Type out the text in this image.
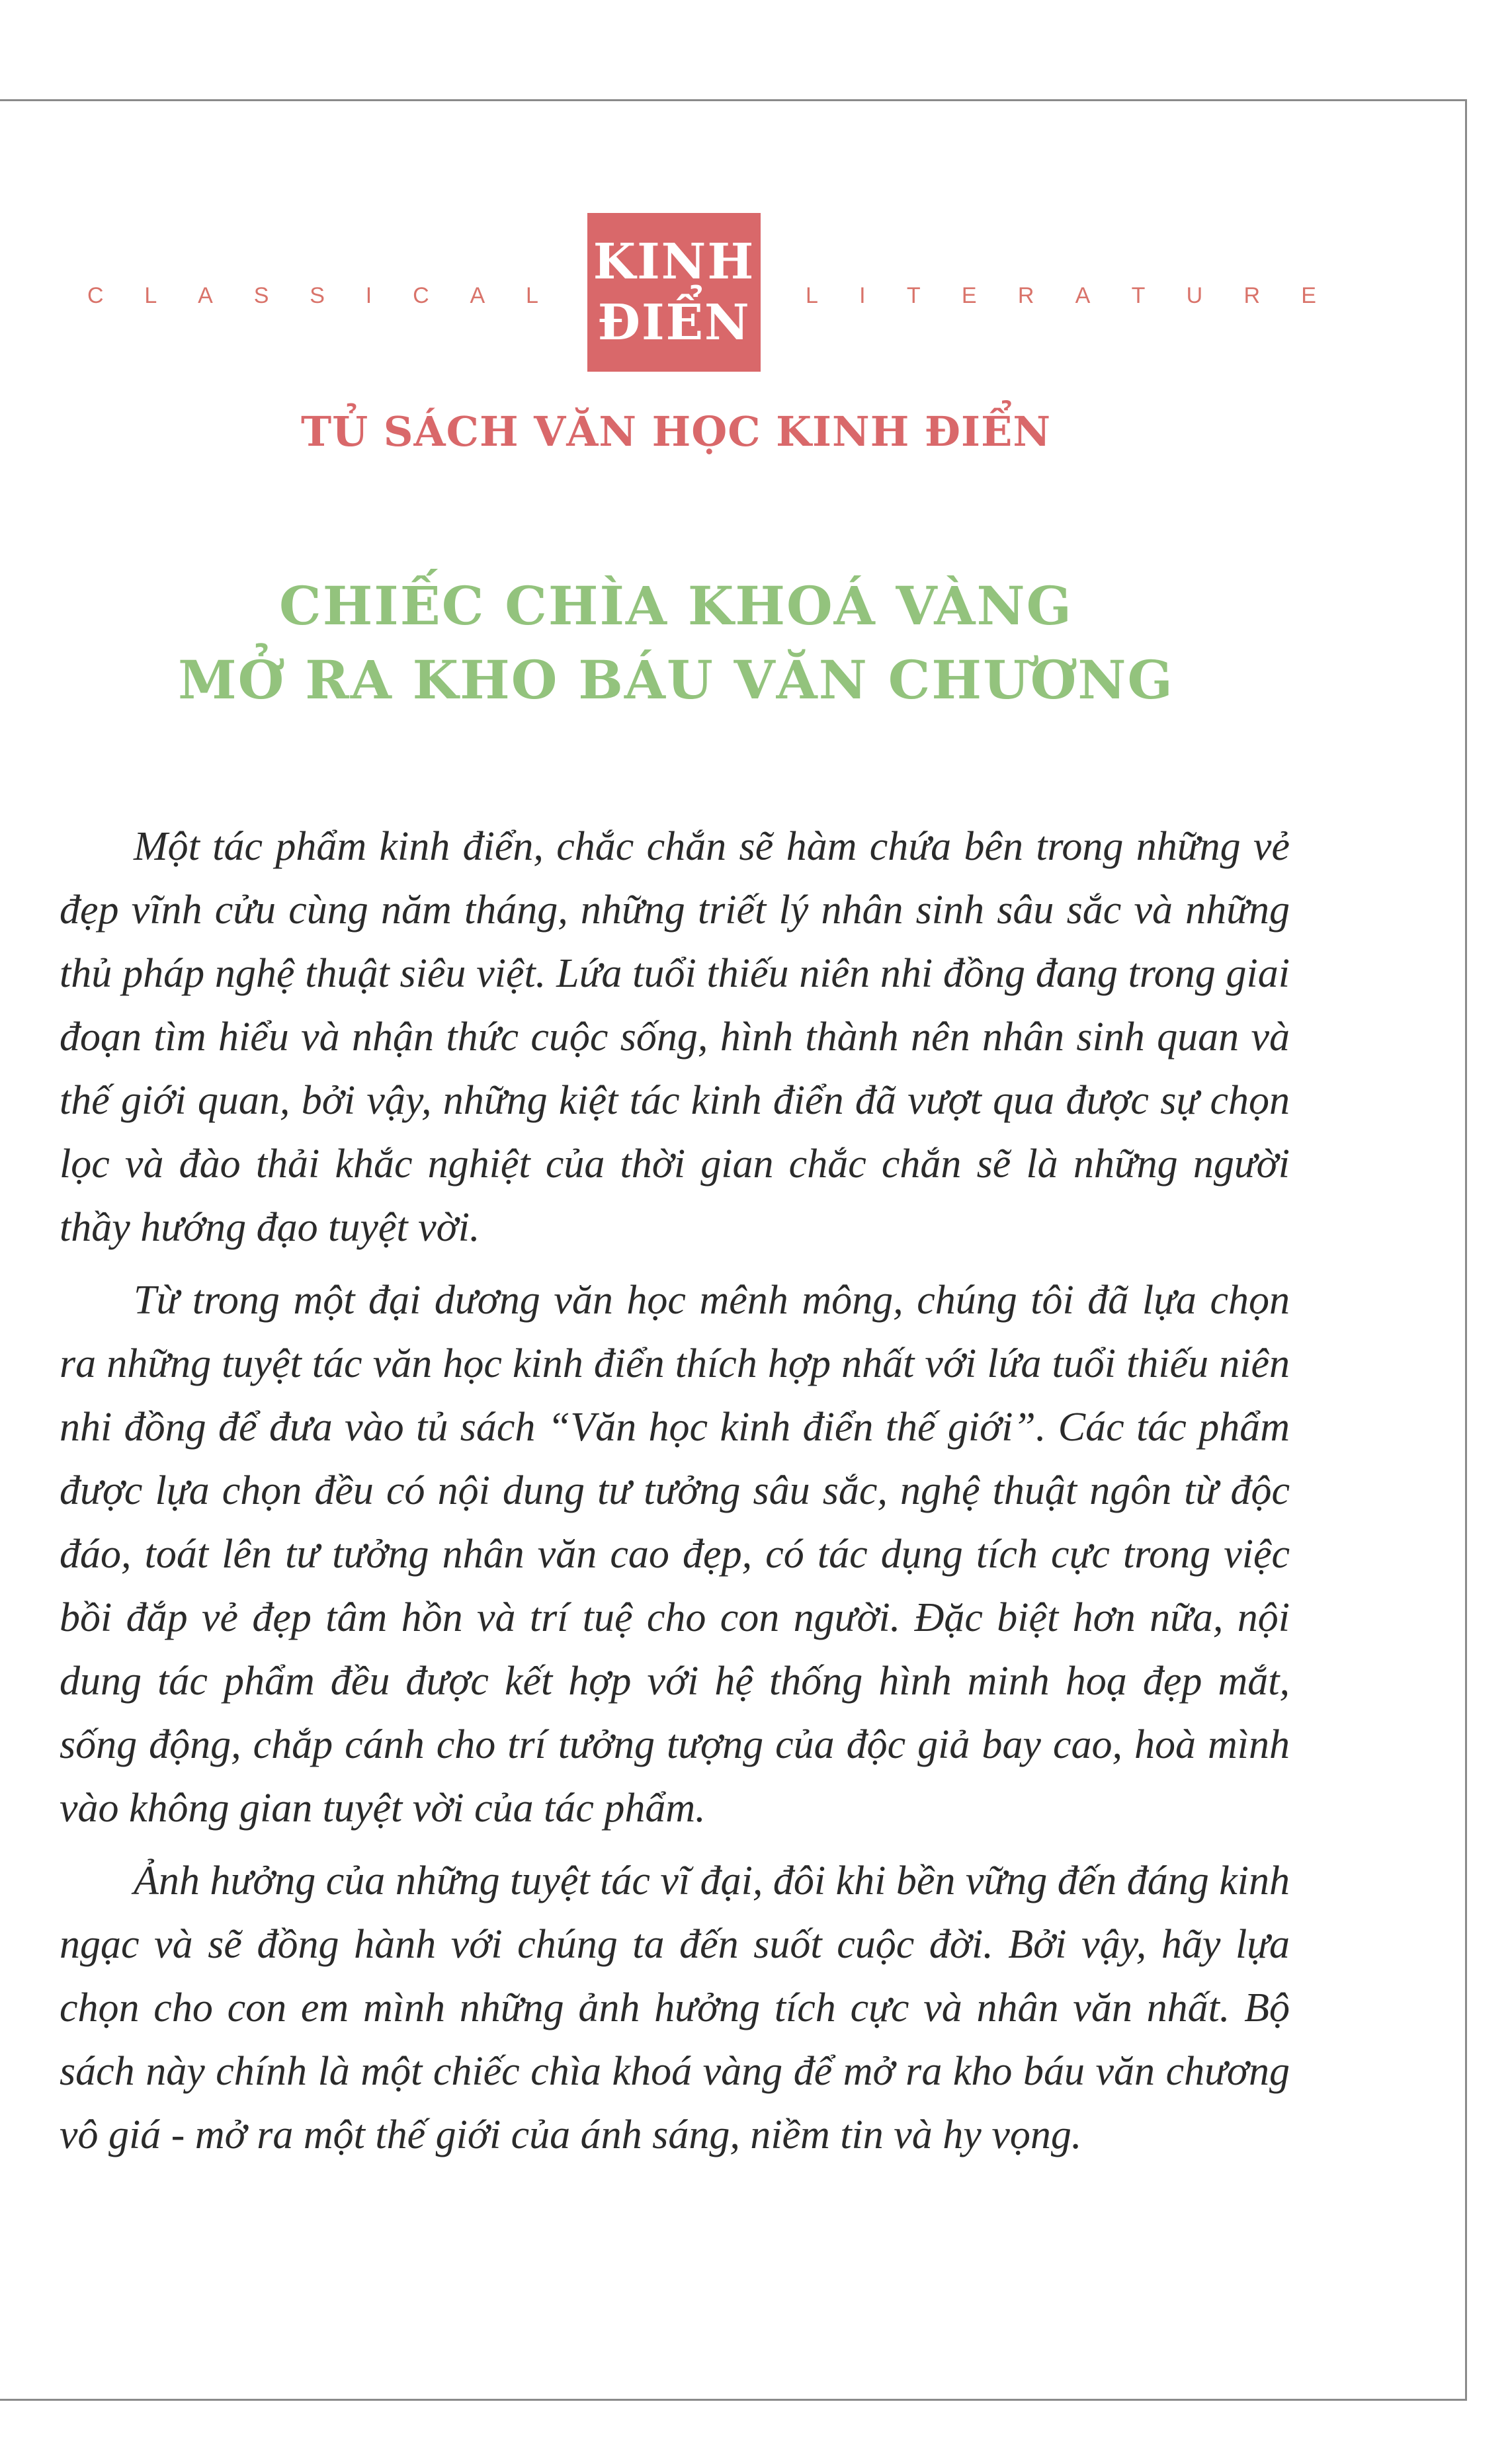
C L A S S I C A L
KINH
ĐIỂN L I T E R A T U R E
TỦ SÁCH VĂN HỌC KINH ĐIỂN
CHIẾC CHÌA KHOÁ VÀNG
MỞ RA KHO BÁU VĂN CHƯƠNG

Một tác phẩm kinh điển, chắc chắn sẽ hàm chứa bên trong những vẻ đẹp vĩnh cửu cùng năm tháng, những triết lý nhân sinh sâu sắc và những thủ pháp nghệ thuật siêu việt. Lứa tuổi thiếu niên nhi đồng đang trong giai đoạn tìm hiểu và nhận thức cuộc sống, hình thành nên nhân sinh quan và thế giới quan, bởi vậy, những kiệt tác kinh điển đã vượt qua được sự chọn lọc và đào thải khắc nghiệt của thời gian chắc chắn sẽ là những người thầy hướng đạo tuyệt vời.

Từ trong một đại dương văn học mênh mông, chúng tôi đã lựa chọn ra những tuyệt tác văn học kinh điển thích hợp nhất với lứa tuổi thiếu niên nhi đồng để đưa vào tủ sách “Văn học kinh điển thế giới”. Các tác phẩm được lựa chọn đều có nội dung tư tưởng sâu sắc, nghệ thuật ngôn từ độc đáo, toát lên tư tưởng nhân văn cao đẹp, có tác dụng tích cực trong việc bồi đắp vẻ đẹp tâm hồn và trí tuệ cho con người. Đặc biệt hơn nữa, nội dung tác phẩm đều được kết hợp với hệ thống hình minh hoạ đẹp mắt, sống động, chắp cánh cho trí tưởng tượng của độc giả bay cao, hoà mình vào không gian tuyệt vời của tác phẩm.

Ảnh hưởng của những tuyệt tác vĩ đại, đôi khi bền vững đến đáng kinh ngạc và sẽ đồng hành với chúng ta đến suốt cuộc đời. Bởi vậy, hãy lựa chọn cho con em mình những ảnh hưởng tích cực và nhân văn nhất. Bộ sách này chính là một chiếc chìa khoá vàng để mở ra kho báu văn chương vô giá - mở ra một thế giới của ánh sáng, niềm tin và hy vọng.
